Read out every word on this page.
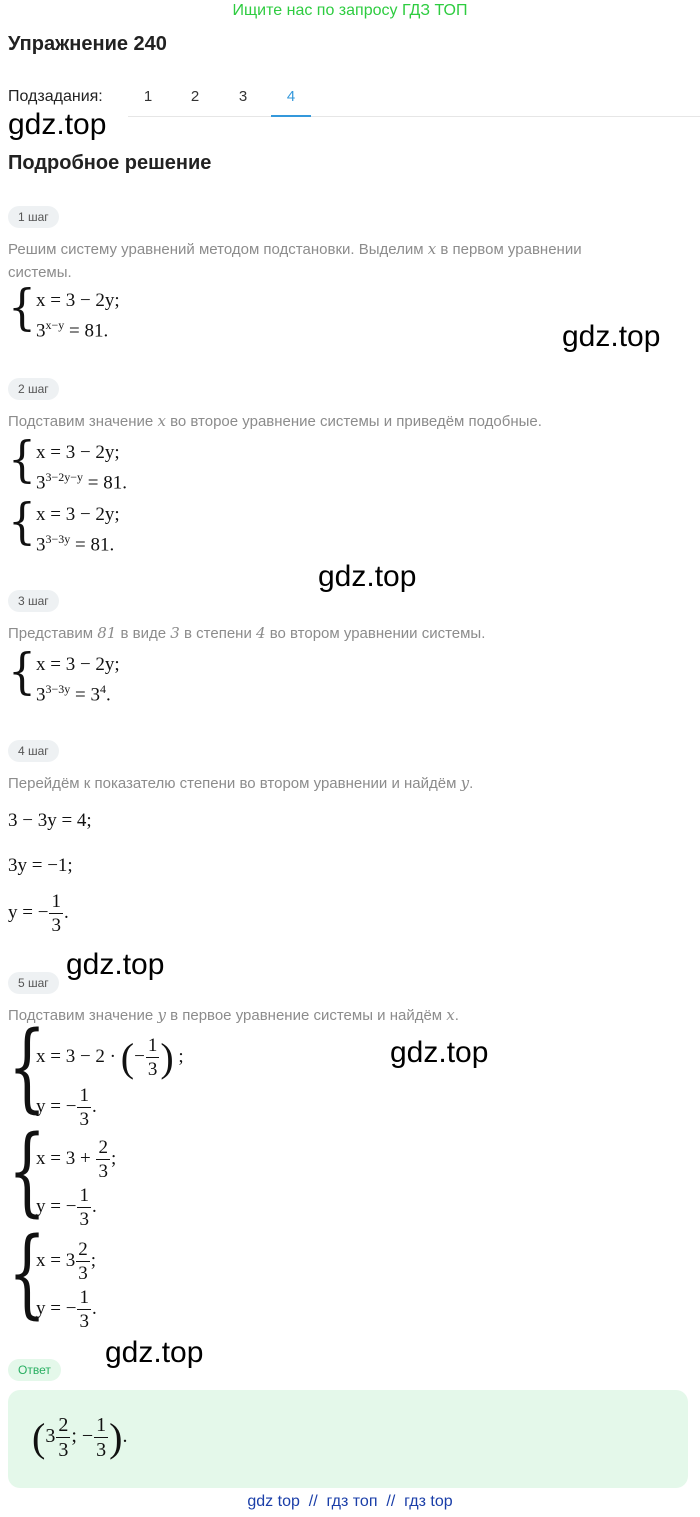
Ищите нас по запросу ГДЗ ТОП
Упражнение 240
Подзадания:	1	2	3	4
gdz.top
gdz.top
gdz.top
gdz.top
gdz.top
gdz.top
Подробное решение
1 шаг
Решим систему уравнений методом подстановки. Выделим x в первом уравнении
системы.
{ x = 3 − 2y;
$3^{x-y} = 81$.
2 шаг
Подставим значение x во второе уравнение системы и приведём подобные.
{ x = 3 − 2y;
$3^{3-2y-y} = 81$.
{ x = 3 − 2y;
$3^{3-3y} = 81$.
3 шаг
Представим 81 в виде 3 в степени 4 во втором уравнении системы.
{ x = 3 − 2y;
$3^{3-3y} = 3^4$.
4 шаг
Перейдём к показателю степени во втором уравнении и найдём y.
3 − 3y = 4;
3y = −1;
y = − $\frac{1}{3}$ .
5 шаг
Подставим значение y в первое уравнение системы и найдём x.
{
x = 3 − 2 · (− $\frac{1}{3}$ ) ;
y = − $\frac{1}{3}$ .
{
$x = 3 + \frac{2}{3}$ ;
y = − $\frac{1}{3}$ .
{
$x = 3 \frac{2}{3}$ ;
y = − $\frac{1}{3}$ .
Ответ
($3 \frac{2}{3}$ ; − $\frac{1}{3}$ ).
gdz top  //  гдз топ  //  гдз top
